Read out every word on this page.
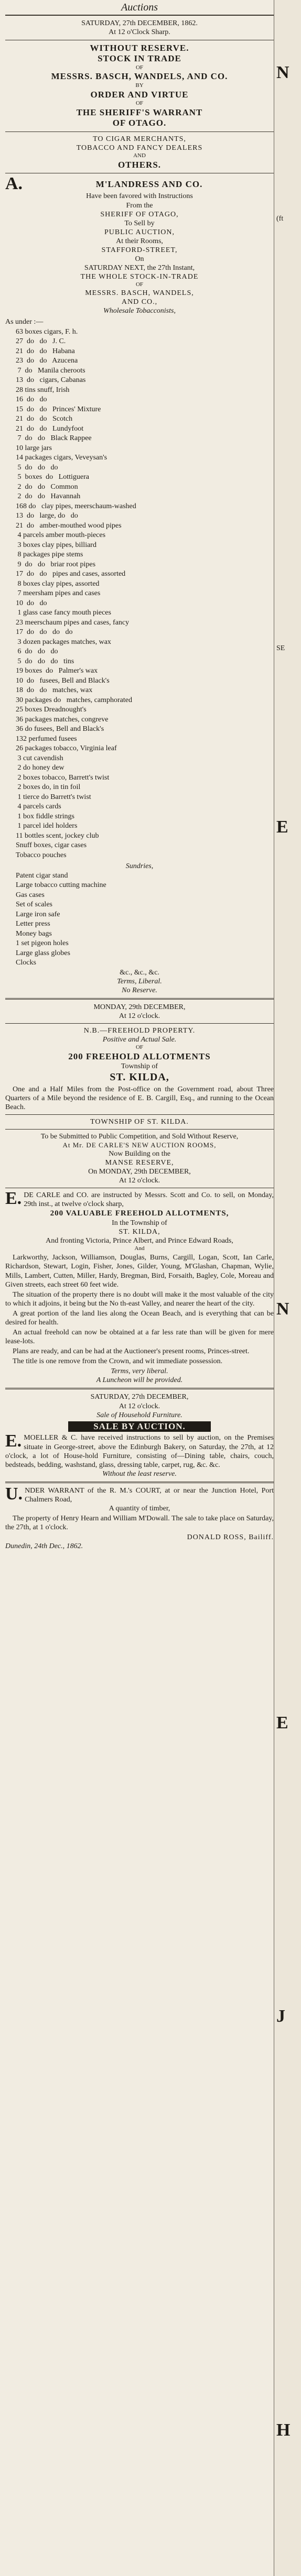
Auctions
SATURDAY, 27th DECEMBER, 1862.
At 12 o'Clock Sharp.
WITHOUT RESERVE.
STOCK IN TRADE
OF
MESSRS. BASCH, WANDELS, AND CO.
BY
ORDER AND VIRTUE
OF
THE SHERIFF'S WARRANT
OF OTAGO.
TO CIGAR MERCHANTS,
TOBACCO AND FANCY DEALERS
AND
OTHERS.
A.	M'LANDRESS AND CO.
Have been favored with Instructions
From the
SHERIFF OF OTAGO,
To Sell by
PUBLIC AUCTION,
At their Rooms,
STAFFORD-STREET,
On
SATURDAY NEXT, the 27th Instant,
THE WHOLE STOCK-IN-TRADE
OF
MESSRS. BASCH, WANDELS,
AND CO.,
Wholesale Tobacconists,
As under :—
63 boxes cigars, F. h.
27  do   do   J. C.
21  do   do   Habana
23  do   do   Azucena
7  do   Manila cheroots
13  do   cigars, Cabanas
28 tins snuff, Irish
16  do   do
15  do   do   Princes' Mixture
21  do   do   Scotch
21  do   do   Lundyfoot
7  do   do   Black Rappee
10 large jars
14 packages cigars, Veveysan's
5  do   do   do
5  boxes  do   Lottiguera
2  do   do   Common
2  do   do   Havannah
168 do   clay pipes, meerschaum-washed
13  do   large, do   do
21  do   amber-mouthed wood pipes
4 parcels amber mouth-pieces
3 boxes clay pipes, billiard
8 packages pipe stems
9  do   do   briar root pipes
17  do   do   pipes and cases, assorted
8 boxes clay pipes, assorted
7 meersham pipes and cases
10  do   do
1 glass case fancy mouth pieces
23 meerschaum pipes and cases, fancy
17  do   do   do   do
3 dozen packages matches, wax
6  do   do   do
5  do   do   do   tins
19 boxes  do   Palmer's wax
10  do   fusees, Bell and Black's
18  do   do   matches, wax
30 packages do   matches, camphorated
25 boxes Dreadnought's
36 packages matches, congreve
36 do fusees, Bell and Black's
132 perfumed fusees
26 packages tobacco, Virginia leaf
3 cut cavendish
2 do honey dew
2 boxes tobacco, Barrett's twist
2 boxes do, in tin foil
1 tierce do Barrett's twist
4 parcels cards
1 box fiddle strings
1 parcel idel holders
11 bottles scent, jockey club
Snuff boxes, cigar cases
Tobacco pouches
Sundries,
Patent cigar stand
Large tobacco cutting machine
Gas cases
Set of scales
Large iron safe
Letter press
Money bags
1 set pigeon holes
Large glass globes
Clocks
&c., &c., &c.
Terms, Liberal.
No Reserve.
MONDAY, 29th DECEMBER,
At 12 o'clock.
N.B.—FREEHOLD PROPERTY.
Positive and Actual Sale.
OF
200 FREEHOLD ALLOTMENTS
Township of
ST. KILDA,

One and a Half Miles from the Post-office on the Government road, about Three Quarters of a Mile beyond the residence of E. B. Cargill, Esq., and running to the Ocean Beach.

TOWNSHIP OF ST. KILDA.
To be Submitted to Public Competition, and Sold Without Reserve,
At Mr. DE CARLE'S NEW AUCTION ROOMS,
Now Building on the
MANSE RESERVE,
On MONDAY, 29th DECEMBER,
At 12 o'clock.
E. DE CARLE and CO. are instructed by Messrs. Scott and Co. to sell, on Monday, 29th inst., at twelve o'clock sharp,
200 VALUABLE FREEHOLD ALLOTMENTS,
In the Township of
ST. KILDA,
And fronting Victoria, Prince Albert, and Prince Edward Roads,
And

Larkworthy, Jackson, Williamson, Douglas, Burns, Cargill, Logan, Scott, Ian Carle, Richardson, Stewart, Login, Fisher, Jones, Gilder, Young, M'Glashan, Chapman, Wylie, Mills, Lambert, Cutten, Miller, Hardy, Bregman, Bird, Forsaith, Bagley, Cole, Moreau and Given streets, each street 60 feet wide.

The situation of the property there is no doubt will make it the most valuable of the city to which it adjoins, it being but the No th-east Valley, and nearer the heart of the city.

A great portion of the land lies along the Ocean Beach, and is everything that can be desired for health.

An actual freehold can now be obtained at a far less rate than will be given for mere lease-lots.

Plans are ready, and can be had at the Auctioneer's present rooms, Princes-street.

The title is one remove from the Crown, and wit immediate possession.

Terms, very liberal.
A Luncheon will be provided.
SATURDAY, 27th DECEMBER,
At 12 o'clock.
Sale of Household Furniture.
SALE BY AUCTION.
E. MOELLER & C. have received instructions to sell by auction, on the Premises situate in George-street, above the Edinburgh Bakery, on Saturday, the 27th, at 12 o'clock, a lot of House-hold Furniture, consisting of—Dining table, chairs, couch, bedsteads, bedding, washstand, glass, dressing table, carpet, rug, &c. &c.
Without the least reserve.
U. NDER WARRANT of the R. M.'s COURT, at or near the Junction Hotel, Port Chalmers Road,
A quantity of timber,

The property of Henry Hearn and William M'Dowall. The sale to take place on Saturday, the 27th, at 1 o'clock.

DONALD ROSS, Bailiff.
Dunedin, 24th Dec., 1862.
N
(ft
SE
E
N
E
J
H
